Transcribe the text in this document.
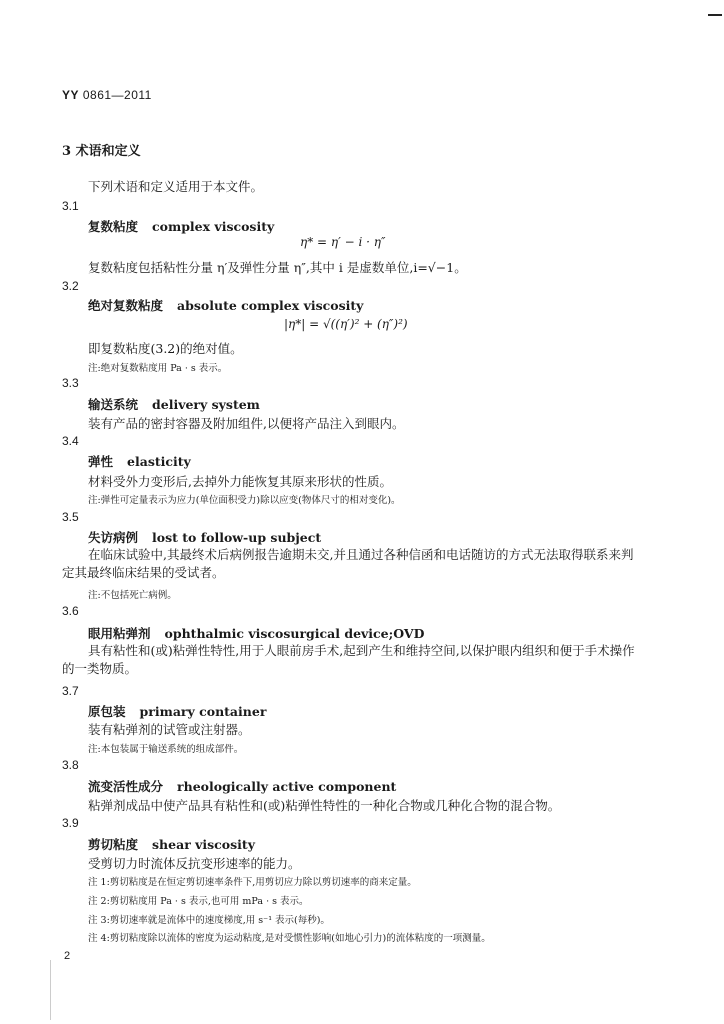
YY 0861—2011
3 术语和定义
下列术语和定义适用于本文件。
3.1
复数粘度 complex viscosity
η* = η′ − i · η″
复数粘度包括粘性分量 η′及弹性分量 η″,其中 i 是虚数单位,i=√−1。
3.2
绝对复数粘度 absolute complex viscosity
|η*| = √((η′)² + (η″)²)
即复数粘度(3.2)的绝对值。
注:绝对复数粘度用 Pa · s 表示。
3.3
输送系统 delivery system
装有产品的密封容器及附加组件,以便将产品注入到眼内。
3.4
弹性 elasticity
材料受外力变形后,去掉外力能恢复其原来形状的性质。
注:弹性可定量表示为应力(单位面积受力)除以应变(物体尺寸的相对变化)。
3.5
失访病例 lost to follow-up subject
在临床试验中,其最终术后病例报告逾期未交,并且通过各种信函和电话随访的方式无法取得联系来判定其最终临床结果的受试者。
注:不包括死亡病例。
3.6
眼用粘弹剂 ophthalmic viscosurgical device;OVD
具有粘性和(或)粘弹性特性,用于人眼前房手术,起到产生和维持空间,以保护眼内组织和便于手术操作的一类物质。
3.7
原包装 primary container
装有粘弹剂的试管或注射器。
注:本包装属于输送系统的组成部件。
3.8
流变活性成分 rheologically active component
粘弹剂成品中使产品具有粘性和(或)粘弹性特性的一种化合物或几种化合物的混合物。
3.9
剪切粘度 shear viscosity
受剪切力时流体反抗变形速率的能力。
注 1:剪切粘度是在恒定剪切速率条件下,用剪切应力除以剪切速率的商来定量。
注 2:剪切粘度用 Pa · s 表示,也可用 mPa · s 表示。
注 3:剪切速率就是流体中的速度梯度,用 s⁻¹ 表示(每秒)。
注 4:剪切粘度除以流体的密度为运动粘度,是对受惯性影响(如地心引力)的流体粘度的一项测量。
2
